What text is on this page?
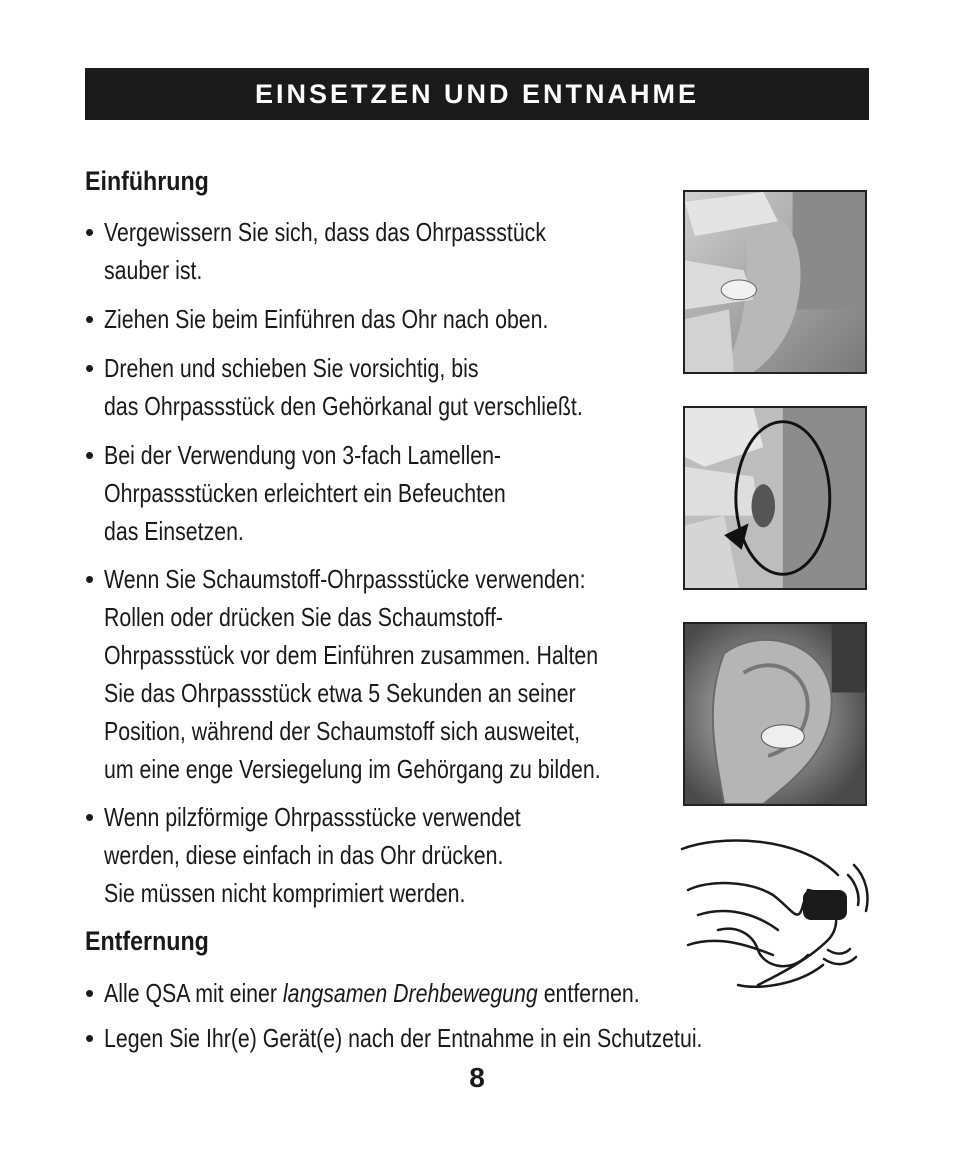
EINSETZEN UND ENTNAHME
Einführung
• Vergewissern Sie sich, dass das Ohrpassstück
sauber ist.
• Ziehen Sie beim Einführen das Ohr nach oben.
• Drehen und schieben Sie vorsichtig, bis
das Ohrpassstück den Gehörkanal gut verschließt.
• Bei der Verwendung von 3-fach Lamellen-
Ohrpassstücken erleichtert ein Befeuchten
das Einsetzen.
• Wenn Sie Schaumstoff-Ohrpassstücke verwenden:
Rollen oder drücken Sie das Schaumstoff-
Ohrpassstück vor dem Einführen zusammen. Halten
Sie das Ohrpassstück etwa 5 Sekunden an seiner
Position, während der Schaumstoff sich ausweitet,
um eine enge Versiegelung im Gehörgang zu bilden.
• Wenn pilzförmige Ohrpassstücke verwendet
werden, diese einfach in das Ohr drücken.
Sie müssen nicht komprimiert werden.
Entfernung
• Alle QSA mit einer langsamen Drehbewegung entfernen.
• Legen Sie Ihr(e) Gerät(e) nach der Entnahme in ein Schutzetui.
8
